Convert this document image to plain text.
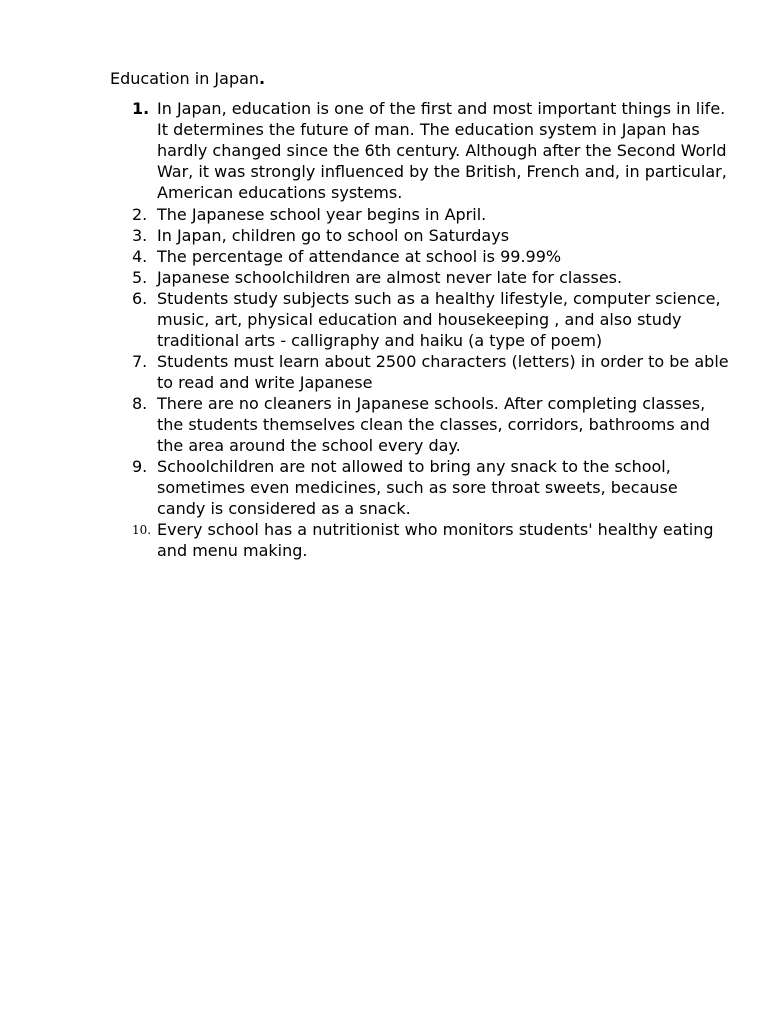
Education in Japan.
1. In Japan, education is one of the first and most important things in life. It determines the future of man. The education system in Japan has hardly changed since the 6th century. Although after the Second World War, it was strongly influenced by the British, French and, in particular, American educations systems.
2. The Japanese school year begins in April.
3. In Japan, children go to school on Saturdays
4. The percentage of attendance at school is 99.99%
5. Japanese schoolchildren are almost never late for classes.
6. Students study subjects such as a healthy lifestyle, computer science, music, art, physical education and housekeeping , and also study traditional arts - calligraphy and haiku (a type of poem)
7. Students must learn about 2500 characters (letters) in order to be able to read and write Japanese
8. There are no cleaners in Japanese schools. After completing classes, the students themselves clean the classes, corridors, bathrooms and the area around the school every day.
9. Schoolchildren are not allowed to bring any snack to the school, sometimes even medicines, such as sore throat sweets, because candy is considered as a snack.
10. Every school has a nutritionist who monitors students' healthy eating and menu making.
